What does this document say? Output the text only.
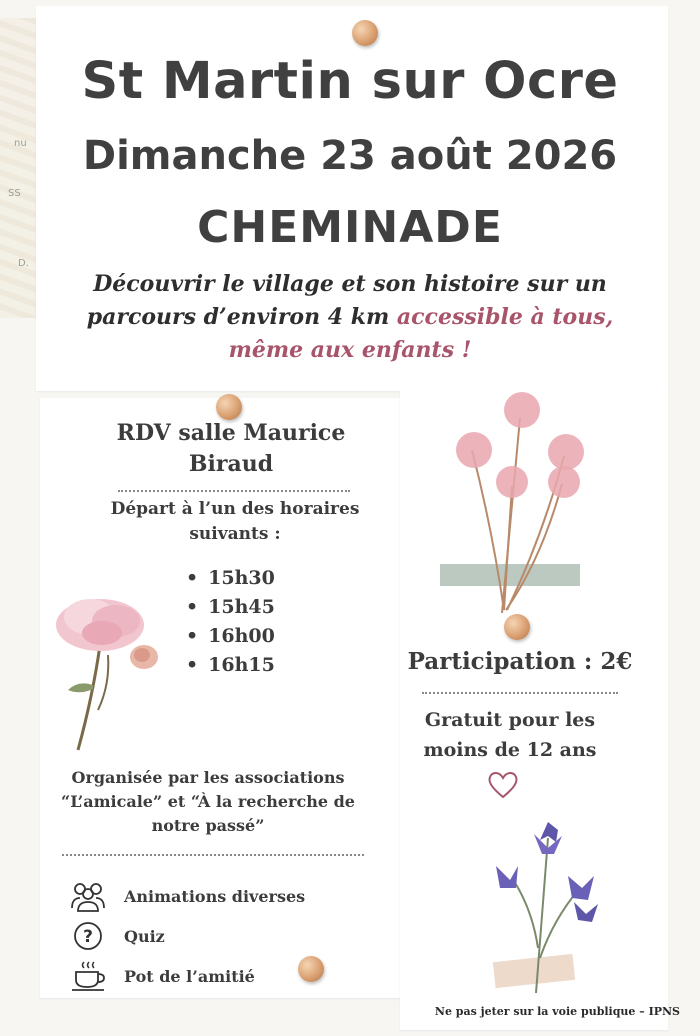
nu
SS
D.
St Martin sur Ocre
Dimanche 23 août 2026
CHEMINADE
Découvrir le village et son histoire sur un
parcours d’environ 4 km accessible à tous,
même aux enfants !
RDV salle Maurice
Biraud
Départ à l’un des horaires
suivants :
• 15h30
• 15h45
• 16h00
• 16h15
Organisée par les associations
“L’amicale” et “À la recherche de
notre passé”
Animations diverses
? Quiz
Pot de l’amitié
Participation : 2€
Gratuit pour les
moins de 12 ans
Ne pas jeter sur la voie publique – IPNS
